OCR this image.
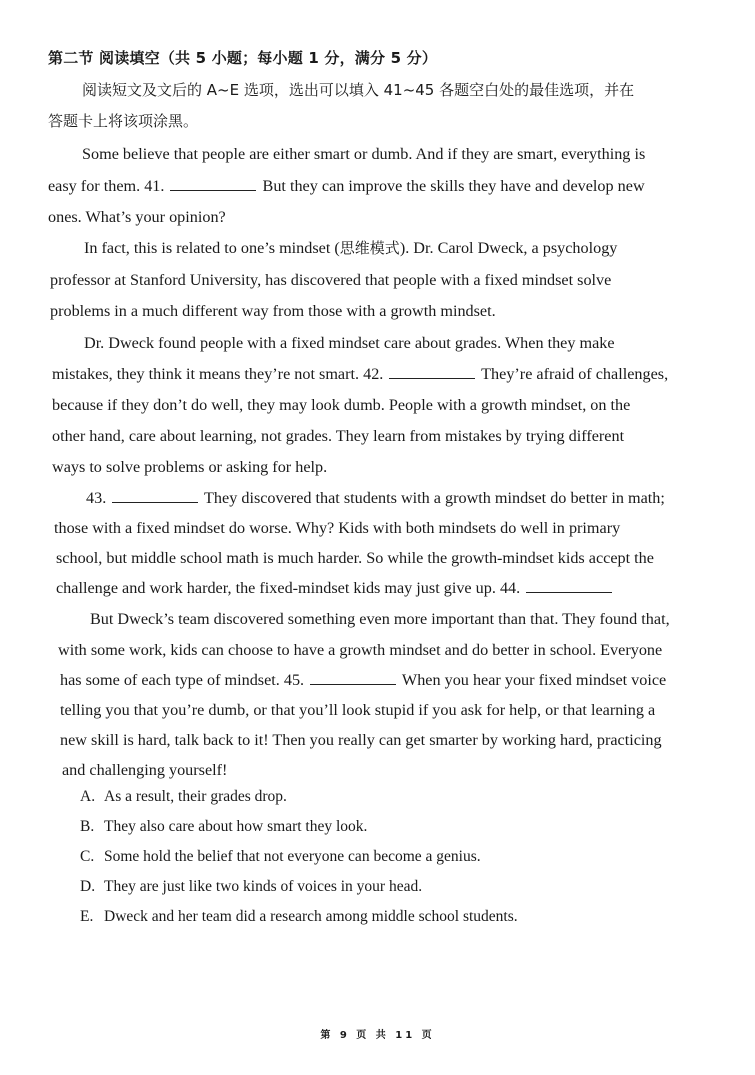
第二节 阅读填空（共 5 小题；每小题 1 分，满分 5 分）
阅读短文及文后的 A~E 选项，选出可以填入 41~45 各题空白处的最佳选项，并在
答题卡上将该项涂黑。
Some believe that people are either smart or dumb. And if they are smart, everything is
easy for them. 41.	But they can improve the skills they have and develop new
ones. What’s your opinion?
In fact, this is related to one’s mindset (思维模式). Dr. Carol Dweck, a psychology
professor at Stanford University, has discovered that people with a fixed mindset solve
problems in a much different way from those with a growth mindset.
Dr. Dweck found people with a fixed mindset care about grades. When they make
mistakes, they think it means they’re not smart. 42.	They’re afraid of challenges,
because if they don’t do well, they may look dumb. People with a growth mindset, on the
other hand, care about learning, not grades. They learn from mistakes by trying different
ways to solve problems or asking for help.
43.	They discovered that students with a growth mindset do better in math;
those with a fixed mindset do worse. Why? Kids with both mindsets do well in primary
school, but middle school math is much harder. So while the growth-mindset kids accept the
challenge and work harder, the fixed-mindset kids may just give up. 44.
But Dweck’s team discovered something even more important than that. They found that,
with some work, kids can choose to have a growth mindset and do better in school. Everyone
has some of each type of mindset. 45.	When you hear your fixed mindset voice
telling you that you’re dumb, or that you’ll look stupid if you ask for help, or that learning a
new skill is hard, talk back to it! Then you really can get smarter by working hard, practicing
and challenging yourself!
A. As a result, their grades drop.
B. They also care about how smart they look.
C. Some hold the belief that not everyone can become a genius.
D. They are just like two kinds of voices in your head.
E. Dweck and her team did a research among middle school students.
第 9 页 共 11 页
